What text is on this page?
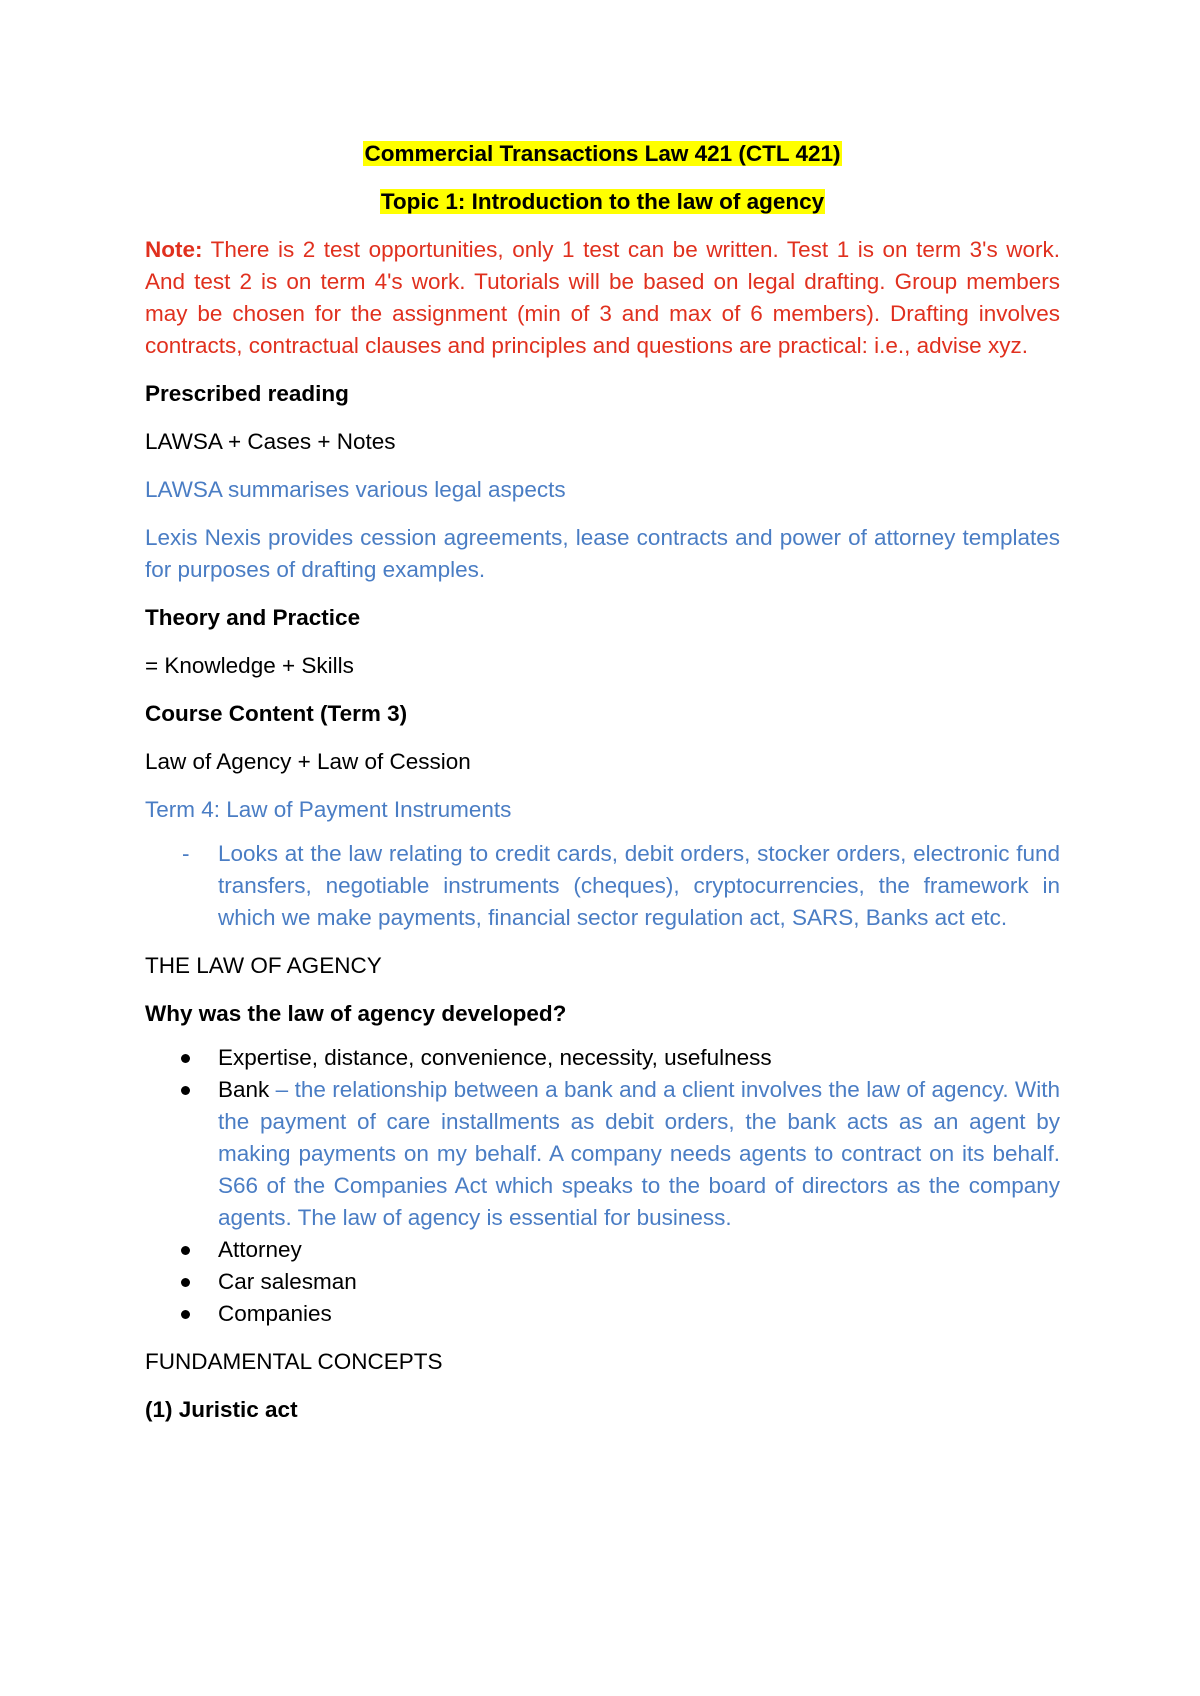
Commercial Transactions Law 421 (CTL 421)

Topic 1: Introduction to the law of agency

Note: There is 2 test opportunities, only 1 test can be written. Test 1 is on term 3's work. And test 2 is on term 4's work. Tutorials will be based on legal drafting. Group members may be chosen for the assignment (min of 3 and max of 6 members). Drafting involves contracts, contractual clauses and principles and questions are practical: i.e., advise xyz.

Prescribed reading

LAWSA + Cases + Notes

LAWSA summarises various legal aspects

Lexis Nexis provides cession agreements, lease contracts and power of attorney templates for purposes of drafting examples.

Theory and Practice

= Knowledge + Skills

Course Content (Term 3)

Law of Agency + Law of Cession

Term 4: Law of Payment Instruments

- Looks at the law relating to credit cards, debit orders, stocker orders, electronic fund transfers, negotiable instruments (cheques), cryptocurrencies, the framework in which we make payments, financial sector regulation act, SARS, Banks act etc.

THE LAW OF AGENCY

Why was the law of agency developed?

Expertise, distance, convenience, necessity, usefulness
Bank – the relationship between a bank and a client involves the law of agency. With the payment of care installments as debit orders, the bank acts as an agent by making payments on my behalf. A company needs agents to contract on its behalf. S66 of the Companies Act which speaks to the board of directors as the company agents. The law of agency is essential for business.
Attorney
Car salesman
Companies

FUNDAMENTAL CONCEPTS

(1) Juristic act
